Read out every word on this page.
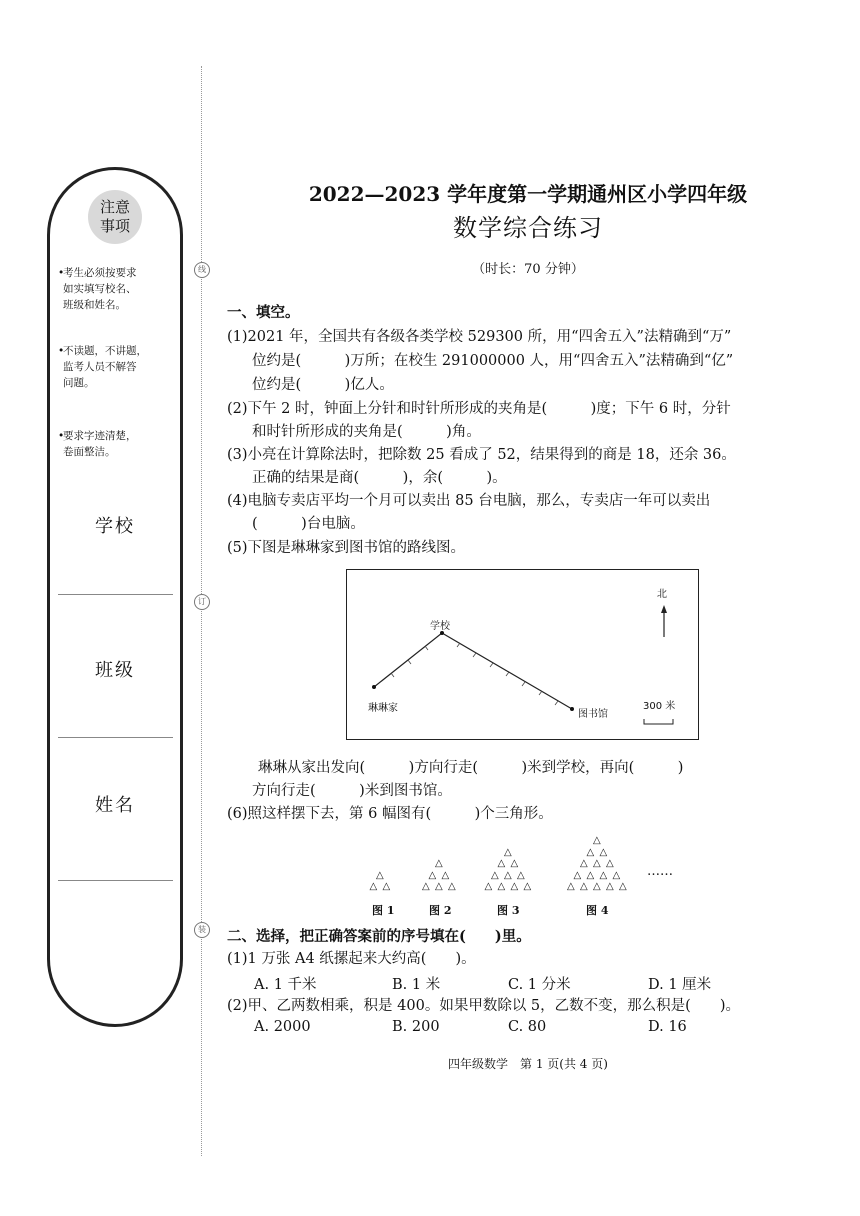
注意
事项
•
考生必须按要求
如实填写校名、
班级和姓名。
•
不读题，不讲题，
监考人员不解答
问题。
•
要求字迹清楚，
卷面整洁。
学校
班级
姓名
线
订
装
2022—2023 学年度第一学期通州区小学四年级
数学综合练习
（时长：70 分钟）
一、填空。
(1)2021 年，全国共有各级各类学校 529300 所，用“四舍五入”法精确到“万”
位约是(　　　)万所；在校生 291000000 人，用“四舍五入”法精确到“亿”
位约是(　　　)亿人。
(2)下午 2 时，钟面上分针和时针所形成的夹角是(　　　)度；下午 6 时，分针
和时针所形成的夹角是(　　　)角。
(3)小亮在计算除法时，把除数 25 看成了 52，结果得到的商是 18，还余 36。
正确的结果是商(　　　)，余(　　　)。
(4)电脑专卖店平均一个月可以卖出 85 台电脑，那么，专卖店一年可以卖出
(　　　)台电脑。
(5)下图是琳琳家到图书馆的路线图。
北
学校
琳琳家
图书馆
300 米
琳琳从家出发向(　　　)方向行走(　　　)米到学校，再向(　　　)
方向行走(　　　)米到图书馆。
(6)照这样摆下去，第 6 幅图有(　　　)个三角形。
△
△ △
△
△ △
△ △ △
△
△ △
△ △ △
△ △ △ △
△
△ △
△ △ △
△ △ △ △
△ △ △ △ △
图 1	图 2	图 3	图 4
……
二、选择，把正确答案前的序号填在(　　)里。
(1)1 万张 A4 纸摞起来大约高(　　)。
A. 1 千米	B. 1 米	C. 1 分米	D. 1 厘米
(2)甲、乙两数相乘，积是 400。如果甲数除以 5，乙数不变，那么积是(　　)。
A. 2000	B. 200	C. 80	D. 16
四年级数学　第 1 页(共 4 页)
